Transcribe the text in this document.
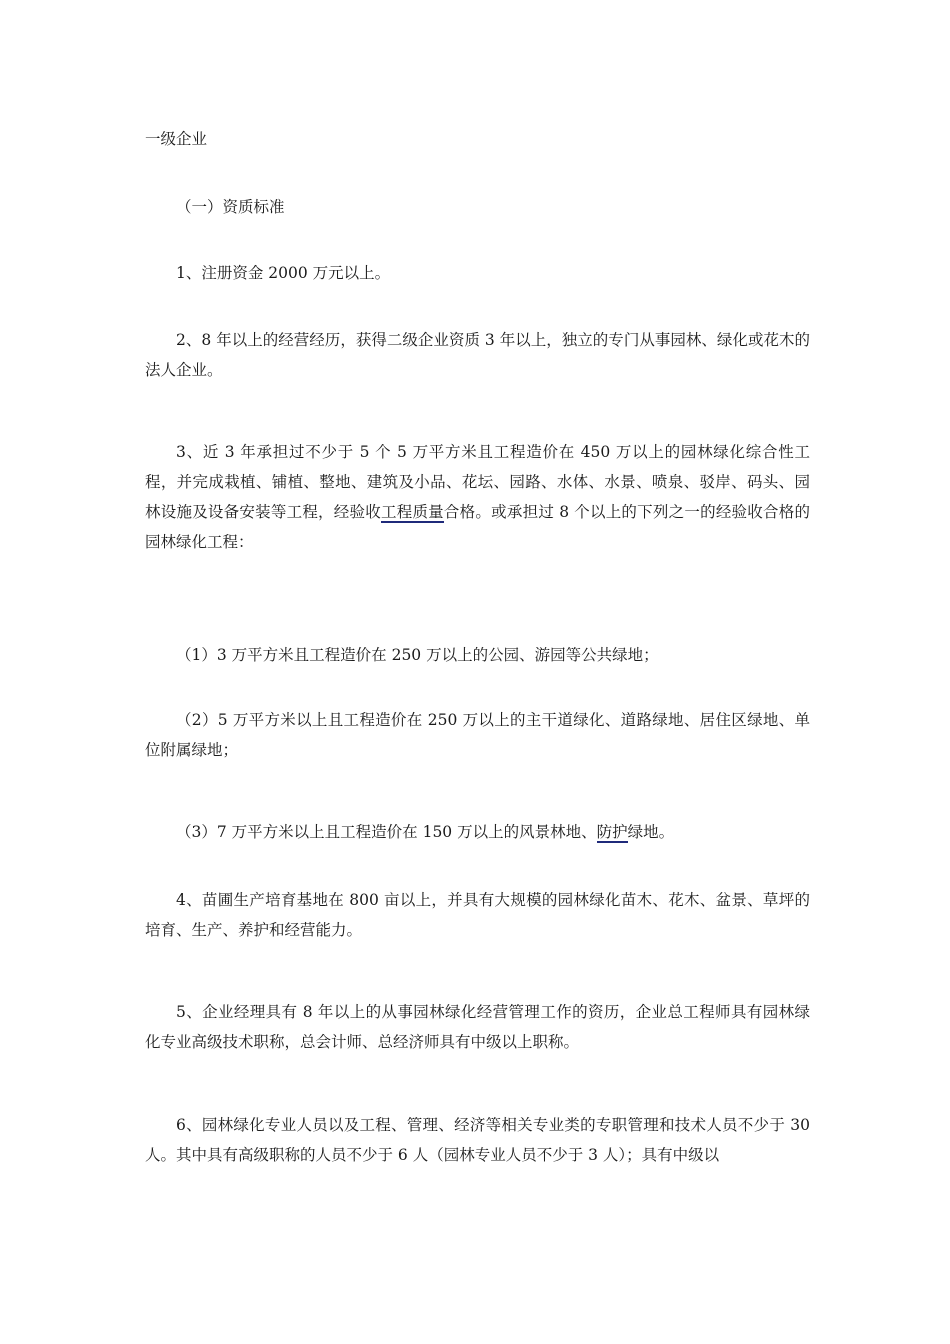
一级企业

（一）资质标准

1、注册资金 2000 万元以上。

2、8 年以上的经营经历，获得二级企业资质 3 年以上，独立的专门从事园林、绿化或花木的法人企业。

3、近 3 年承担过不少于 5 个 5 万平方米且工程造价在 450 万以上的园林绿化综合性工程，并完成栽植、铺植、整地、建筑及小品、花坛、园路、水体、水景、喷泉、驳岸、码头、园林设施及设备安装等工程，经验收工程质量合格。或承担过 8 个以上的下列之一的经验收合格的园林绿化工程：

（1）3 万平方米且工程造价在 250 万以上的公园、游园等公共绿地；

（2）5 万平方米以上且工程造价在 250 万以上的主干道绿化、道路绿地、居住区绿地、单位附属绿地；

（3）7 万平方米以上且工程造价在 150 万以上的风景林地、防护绿地。

4、苗圃生产培育基地在 800 亩以上，并具有大规模的园林绿化苗木、花木、盆景、草坪的培育、生产、养护和经营能力。

5、企业经理具有 8 年以上的从事园林绿化经营管理工作的资历，企业总工程师具有园林绿化专业高级技术职称，总会计师、总经济师具有中级以上职称。

6、园林绿化专业人员以及工程、管理、经济等相关专业类的专职管理和技术人员不少于 30 人。其中具有高级职称的人员不少于 6 人（园林专业人员不少于 3 人）；具有中级以
